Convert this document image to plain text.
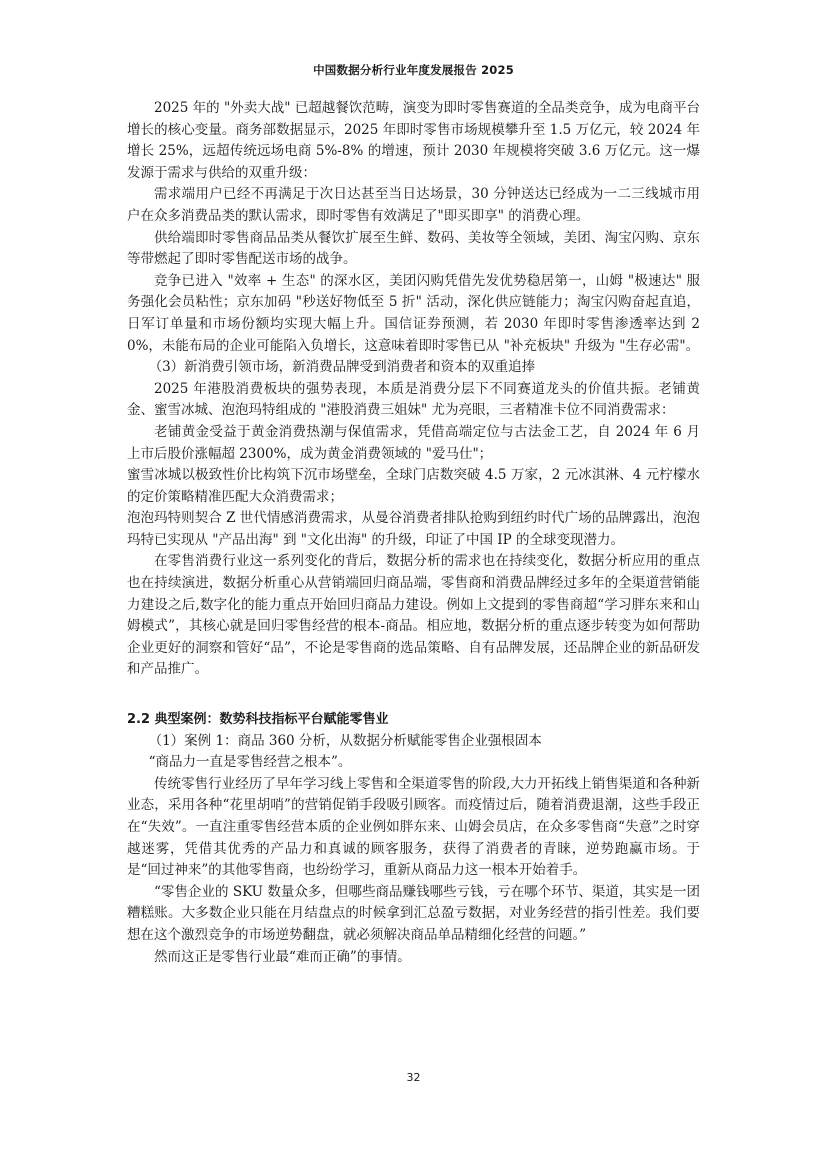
中国数据分析行业年度发展报告 2025

2025 年的 "外卖大战" 已超越餐饮范畴，演变为即时零售赛道的全品类竞争，成为电商平台增长的核心变量。商务部数据显示，2025 年即时零售市场规模攀升至 1.5 万亿元，较 2024 年增长 25%，远超传统远场电商 5%-8% 的增速，预计 2030 年规模将突破 3.6 万亿元。这一爆发源于需求与供给的双重升级：

需求端用户已经不再满足于次日达甚至当日达场景，30 分钟送达已经成为一二三线城市用户在众多消费品类的默认需求，即时零售有效满足了"即买即享" 的消费心理。

供给端即时零售商品品类从餐饮扩展至生鲜、数码、美妆等全领域，美团、淘宝闪购、京东等带燃起了即时零售配送市场的战争。

竞争已进入 "效率 + 生态" 的深水区，美团闪购凭借先发优势稳居第一，山姆 "极速达" 服务强化会员粘性；京东加码 "秒送好物低至 5 折" 活动，深化供应链能力；淘宝闪购奋起直追，日军订单量和市场份额均实现大幅上升。国信证券预测，若 2030 年即时零售渗透率达到 20%，未能布局的企业可能陷入负增长，这意味着即时零售已从 "补充板块" 升级为 "生存必需"。

（3）新消费引领市场，新消费品牌受到消费者和资本的双重追捧

2025 年港股消费板块的强势表现，本质是消费分层下不同赛道龙头的价值共振。老铺黄金、蜜雪冰城、泡泡玛特组成的 "港股消费三姐妹" 尤为亮眼，三者精准卡位不同消费需求：

老铺黄金受益于黄金消费热潮与保值需求，凭借高端定位与古法金工艺，自 2024 年 6 月上市后股价涨幅超 2300%，成为黄金消费领域的 "爱马仕"；

蜜雪冰城以极致性价比构筑下沉市场壁垒，全球门店数突破 4.5 万家，2 元冰淇淋、4 元柠檬水的定价策略精准匹配大众消费需求；

泡泡玛特则契合 Z 世代情感消费需求，从曼谷消费者排队抢购到纽约时代广场的品牌露出，泡泡玛特已实现从 "产品出海" 到 "文化出海" 的升级，印证了中国 IP 的全球变现潜力。

在零售消费行业这一系列变化的背后，数据分析的需求也在持续变化，数据分析应用的重点也在持续演进，数据分析重心从营销端回归商品端，零售商和消费品牌经过多年的全渠道营销能力建设之后,数字化的能力重点开始回归商品力建设。例如上文提到的零售商超“学习胖东来和山姆模式”，其核心就是回归零售经营的根本-商品。相应地，数据分析的重点逐步转变为如何帮助企业更好的洞察和管好“品”，不论是零售商的选品策略、自有品牌发展，还品牌企业的新品研发和产品推广。

2.2 典型案例：数势科技指标平台赋能零售业

（1）案例 1：商品 360 分析，从数据分析赋能零售企业强根固本

“商品力一直是零售经营之根本”。

传统零售行业经历了早年学习线上零售和全渠道零售的阶段,大力开拓线上销售渠道和各种新业态，采用各种“花里胡哨”的营销促销手段吸引顾客。而疫情过后，随着消费退潮，这些手段正在“失效”。一直注重零售经营本质的企业例如胖东来、山姆会员店，在众多零售商“失意”之时穿越迷雾，凭借其优秀的产品力和真诚的顾客服务，获得了消费者的青睐，逆势跑赢市场。于是“回过神来”的其他零售商，也纷纷学习，重新从商品力这一根本开始着手。

“零售企业的 SKU 数量众多，但哪些商品赚钱哪些亏钱，亏在哪个环节、渠道，其实是一团糟糕账。大多数企业只能在月结盘点的时候拿到汇总盈亏数据，对业务经营的指引性差。我们要想在这个激烈竞争的市场逆势翻盘，就必须解决商品单品精细化经营的问题。”

然而这正是零售行业最“难而正确”的事情。

32
